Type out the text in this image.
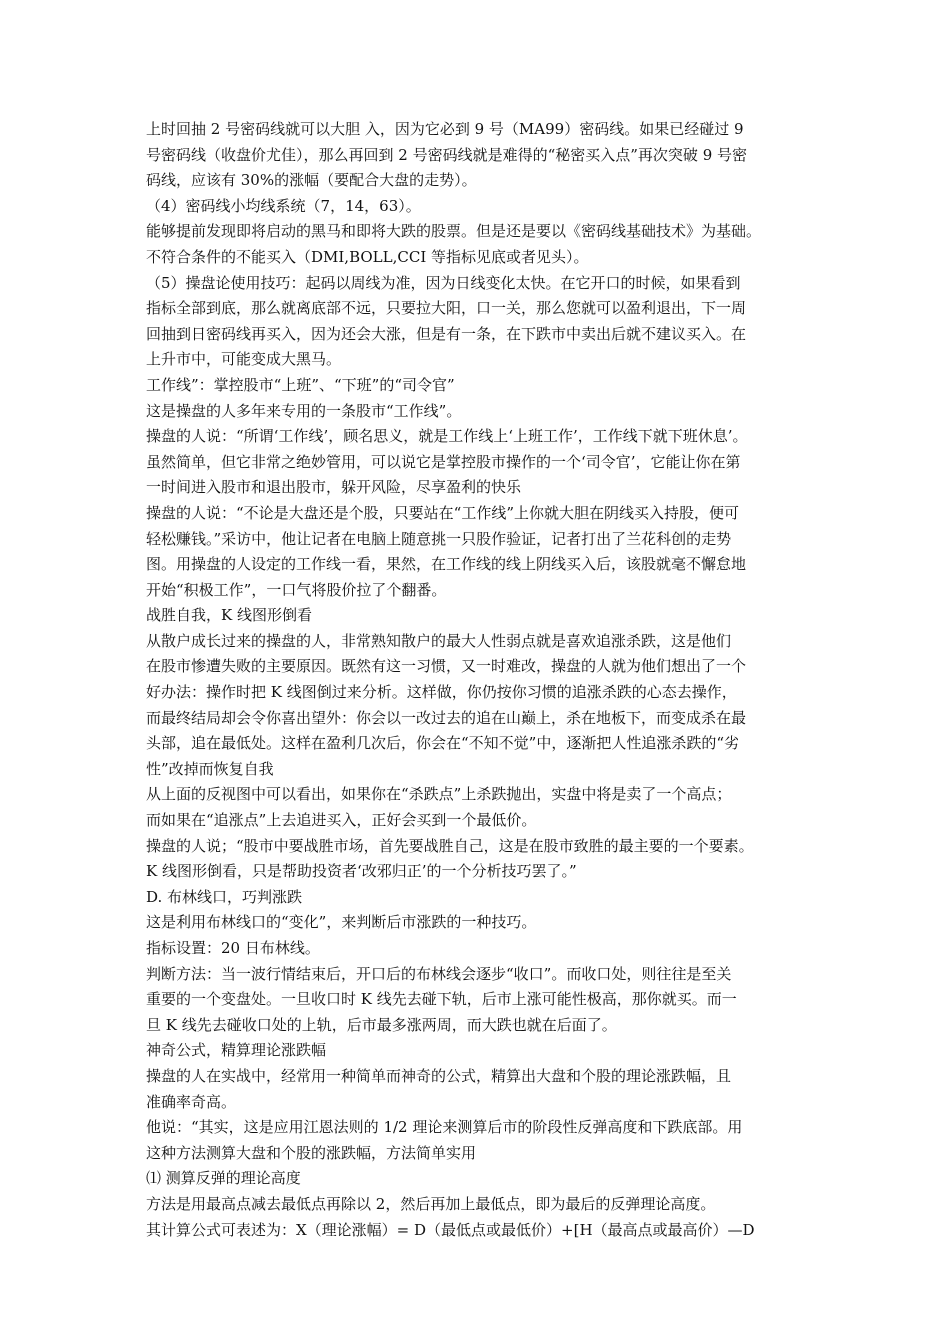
上时回抽 2 号密码线就可以大胆 入，因为它必到 9 号（MA99）密码线。如果已经碰过 9
号密码线（收盘价尤佳），那么再回到 2 号密码线就是难得的“秘密买入点”再次突破 9 号密
码线，应该有 30%的涨幅（要配合大盘的走势）。
（4）密码线小均线系统（7，14，63）。
能够提前发现即将启动的黑马和即将大跌的股票。但是还是要以《密码线基础技术》为基础。
不符合条件的不能买入（DMI,BOLL,CCI 等指标见底或者见头）。
（5）操盘论使用技巧：起码以周线为准，因为日线变化太快。在它开口的时候，如果看到
指标全部到底，那么就离底部不远，只要拉大阳，口一关，那么您就可以盈利退出，下一周
回抽到日密码线再买入，因为还会大涨，但是有一条，在下跌市中卖出后就不建议买入。在
上升市中，可能变成大黑马。
工作线”：掌控股市“上班”、“下班”的“司令官”
这是操盘的人多年来专用的一条股市“工作线”。
操盘的人说：“所谓‘工作线’，顾名思义，就是工作线上‘上班工作’，工作线下就下班休息’。
虽然简单，但它非常之绝妙管用，可以说它是掌控股市操作的一个‘司令官’，它能让你在第
一时间进入股市和退出股市，躲开风险，尽享盈利的快乐
操盘的人说：“不论是大盘还是个股，只要站在“工作线”上你就大胆在阴线买入持股，便可
轻松赚钱。”采访中，他让记者在电脑上随意挑一只股作验证，记者打出了兰花科创的走势
图。用操盘的人设定的工作线一看，果然，在工作线的线上阴线买入后，该股就毫不懈怠地
开始“积极工作”，一口气将股价拉了个翻番。
战胜自我，K 线图形倒看
从散户成长过来的操盘的人，非常熟知散户的最大人性弱点就是喜欢追涨杀跌，这是他们
在股市惨遭失败的主要原因。既然有这一习惯，又一时难改，操盘的人就为他们想出了一个
好办法：操作时把 K 线图倒过来分析。这样做，你仍按你习惯的追涨杀跌的心态去操作，
而最终结局却会令你喜出望外：你会以一改过去的追在山巅上，杀在地板下，而变成杀在最
头部，追在最低处。这样在盈利几次后，你会在“不知不觉”中，逐渐把人性追涨杀跌的“劣
性”改掉而恢复自我
从上面的反视图中可以看出，如果你在“杀跌点”上杀跌抛出，实盘中将是卖了一个高点；
而如果在“追涨点”上去追进买入，正好会买到一个最低价。
操盘的人说；“股市中要战胜市场，首先要战胜自己，这是在股市致胜的最主要的一个要素。
K 线图形倒看，只是帮助投资者‘改邪归正’的一个分析技巧罢了。”
D. 布林线口，巧判涨跌
这是利用布林线口的“变化”，来判断后市涨跌的一种技巧。
指标设置：20 日布林线。
判断方法：当一波行情结束后，开口后的布林线会逐步“收口”。而收口处，则往往是至关
重要的一个变盘处。一旦收口时 K 线先去碰下轨，后市上涨可能性极高，那你就买。而一
旦 K 线先去碰收口处的上轨，后市最多涨两周，而大跌也就在后面了。
神奇公式，精算理论涨跌幅
操盘的人在实战中，经常用一种简单而神奇的公式，精算出大盘和个股的理论涨跌幅，且
准确率奇高。
他说：“其实，这是应用江恩法则的 1/2 理论来测算后市的阶段性反弹高度和下跌底部。用
这种方法测算大盘和个股的涨跌幅，方法简单实用
⑴ 测算反弹的理论高度
方法是用最高点减去最低点再除以 2，然后再加上最低点，即为最后的反弹理论高度。
其计算公式可表述为：X（理论涨幅）= D（最低点或最低价）+[H（最高点或最高价）—D
